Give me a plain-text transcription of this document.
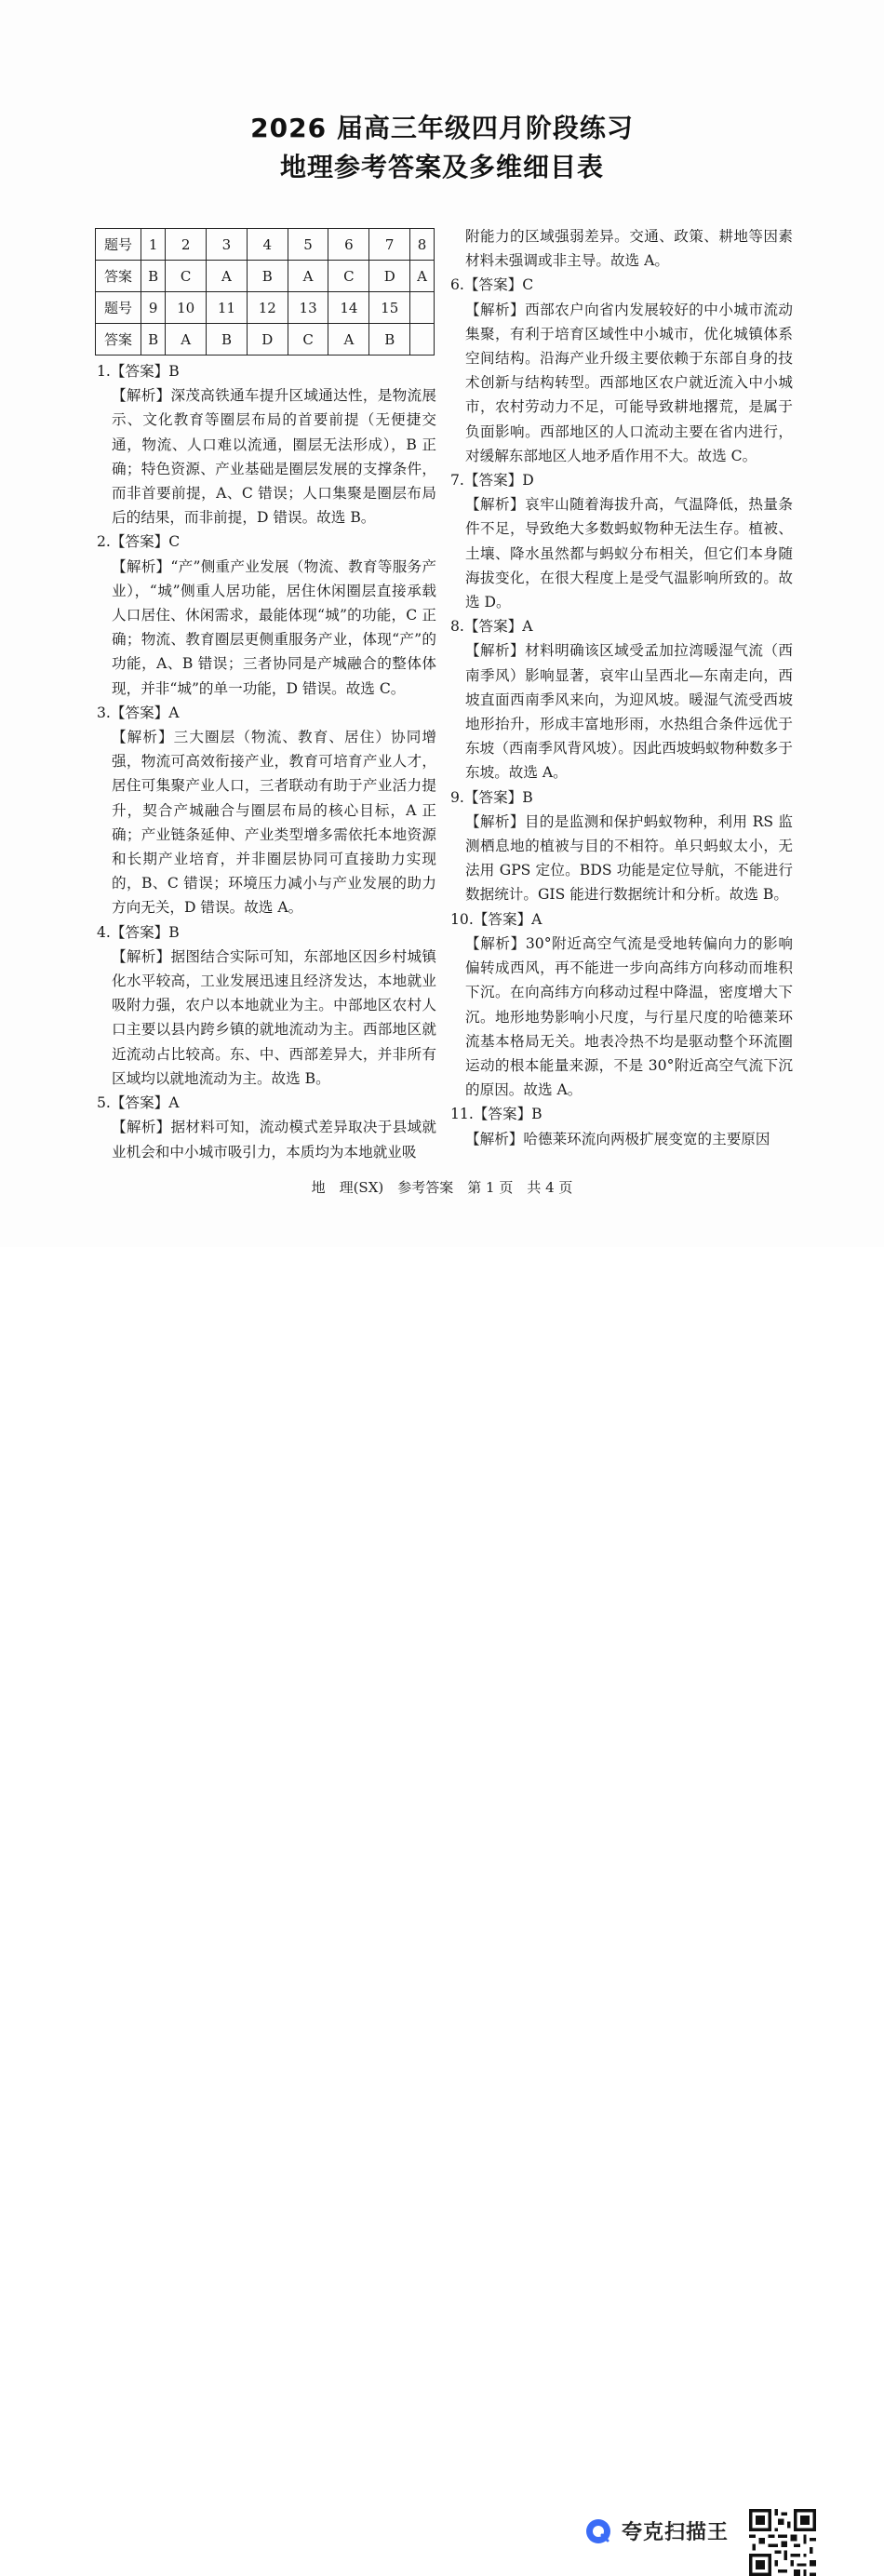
2026 届高三年级四月阶段练习
地理参考答案及多维细目表
题号	1	2	3	4	5	6	7	8
答案	B	C	A	B	A	C	D	A
题号	9	10	11	12	13	14	15	
答案	B	A	B	D	C	A	B	

1.【答案】B

【解析】深茂高铁通车提升区域通达性，是物流展示、文化教育等圈层布局的首要前提（无便捷交通，物流、人口难以流通，圈层无法形成），B 正确；特色资源、产业基础是圈层发展的支撑条件，而非首要前提，A、C 错误；人口集聚是圈层布局后的结果，而非前提，D 错误。故选 B。

2.【答案】C

【解析】“产”侧重产业发展（物流、教育等服务产业），“城”侧重人居功能，居住休闲圈层直接承载人口居住、休闲需求，最能体现“城”的功能，C 正确；物流、教育圈层更侧重服务产业，体现“产”的功能，A、B 错误；三者协同是产城融合的整体体现，并非“城”的单一功能，D 错误。故选 C。

3.【答案】A

【解析】三大圈层（物流、教育、居住）协同增强，物流可高效衔接产业，教育可培育产业人才，居住可集聚产业人口，三者联动有助于产业活力提升，契合产城融合与圈层布局的核心目标，A 正确；产业链条延伸、产业类型增多需依托本地资源和长期产业培育，并非圈层协同可直接助力实现的，B、C 错误；环境压力减小与产业发展的助力方向无关，D 错误。故选 A。

4.【答案】B

【解析】据图结合实际可知，东部地区因乡村城镇化水平较高，工业发展迅速且经济发达，本地就业吸附力强，农户以本地就业为主。中部地区农村人口主要以县内跨乡镇的就地流动为主。西部地区就近流动占比较高。东、中、西部差异大，并非所有区域均以就地流动为主。故选 B。

5.【答案】A

【解析】据材料可知，流动模式差异取决于县域就业机会和中小城市吸引力，本质均为本地就业吸

附能力的区域强弱差异。交通、政策、耕地等因素材料未强调或非主导。故选 A。

6.【答案】C

【解析】西部农户向省内发展较好的中小城市流动集聚，有利于培育区域性中小城市，优化城镇体系空间结构。沿海产业升级主要依赖于东部自身的技术创新与结构转型。西部地区农户就近流入中小城市，农村劳动力不足，可能导致耕地撂荒，是属于负面影响。西部地区的人口流动主要在省内进行，对缓解东部地区人地矛盾作用不大。故选 C。

7.【答案】D

【解析】哀牢山随着海拔升高，气温降低，热量条件不足，导致绝大多数蚂蚁物种无法生存。植被、土壤、降水虽然都与蚂蚁分布相关，但它们本身随海拔变化，在很大程度上是受气温影响所致的。故选 D。

8.【答案】A

【解析】材料明确该区域受孟加拉湾暖湿气流（西南季风）影响显著，哀牢山呈西北—东南走向，西坡直面西南季风来向，为迎风坡。暖湿气流受西坡地形抬升，形成丰富地形雨，水热组合条件远优于东坡（西南季风背风坡）。因此西坡蚂蚁物种数多于东坡。故选 A。

9.【答案】B

【解析】目的是监测和保护蚂蚁物种，利用 RS 监测栖息地的植被与目的不相符。单只蚂蚁太小，无法用 GPS 定位。BDS 功能是定位导航，不能进行数据统计。GIS 能进行数据统计和分析。故选 B。

10.【答案】A

【解析】30°附近高空气流是受地转偏向力的影响偏转成西风，再不能进一步向高纬方向移动而堆积下沉。在向高纬方向移动过程中降温，密度增大下沉。地形地势影响小尺度，与行星尺度的哈德莱环流基本格局无关。地表冷热不均是驱动整个环流圈运动的根本能量来源，不是 30°附近高空气流下沉的原因。故选 A。

11.【答案】B

【解析】哈德莱环流向两极扩展变宽的主要原因

地　理(SX)　参考答案　第 1 页　共 4 页
夸克扫描王
